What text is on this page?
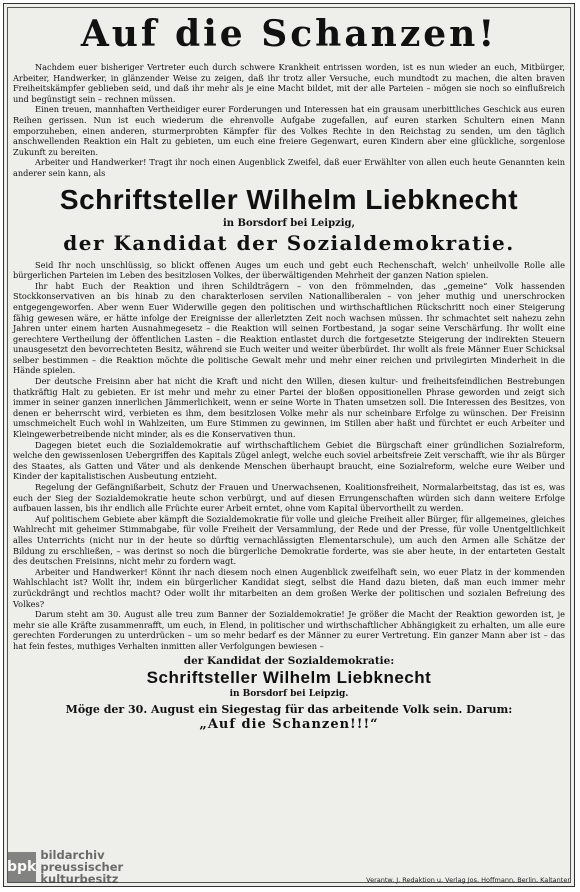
Auf die Schanzen!

Nachdem euer bisheriger Vertreter euch durch schwere Krankheit entrissen worden, ist es nun wieder an euch, Mitbürger, Arbeiter, Handwerker, in glänzender Weise zu zeigen, daß ihr trotz aller Versuche, euch mundtodt zu machen, die alten braven Freiheitskämpfer geblieben seid, und daß ihr mehr als je eine Macht bildet, mit der alle Parteien – mögen sie noch so einflußreich und begünstigt sein – rechnen müssen.

Einen treuen, mannhaften Vertheidiger eurer Forderungen und Interessen hat ein grausam unerbittliches Geschick aus euren Reihen gerissen. Nun ist euch wiederum die ehrenvolle Aufgabe zugefallen, auf euren starken Schultern einen Mann emporzuheben, einen anderen, sturmerprobten Kämpfer für des Volkes Rechte in den Reichstag zu senden, um den täglich anschwellenden Reaktion ein Halt zu gebieten, um euch eine freiere Gegenwart, euren Kindern aber eine glückliche, sorgenlose Zukunft zu bereiten.

Arbeiter und Handwerker! Tragt ihr noch einen Augenblick Zweifel, daß euer Erwählter von allen euch heute Genannten kein anderer sein kann, als

Schriftsteller Wilhelm Liebknecht
in Borsdorf bei Leipzig,
der Kandidat der Sozialdemokratie.

Seid Ihr noch unschlüssig, so blickt offenen Auges um euch und gebt euch Rechenschaft, welch' unheilvolle Rolle alle bürgerlichen Parteien im Leben des besitzlosen Volkes, der überwältigenden Mehrheit der ganzen Nation spielen.

Ihr habt Euch der Reaktion und ihren Schildträgern – von den frömmelnden, das „gemeine“ Volk hassenden Stockkonservativen an bis hinab zu den charakterlosen servilen Nationalliberalen – von jeher muthig und unerschrocken entgegengeworfen. Aber wenn Euer Widerwille gegen den politischen und wirthschaftlichen Rückschritt noch einer Steigerung fähig gewesen wäre, er hätte infolge der Ereignisse der allerletzten Zeit noch wachsen müssen. Ihr schmachtet seit nahezu zehn Jahren unter einem harten Ausnahmegesetz – die Reaktion will seinen Fortbestand, ja sogar seine Verschärfung. Ihr wollt eine gerechtere Vertheilung der öffentlichen Lasten – die Reaktion entlastet durch die fortgesetzte Steigerung der indirekten Steuern unausgesetzt den bevorrechteten Besitz, während sie Euch weiter und weiter überbürdet. Ihr wollt als freie Männer Euer Schicksal selber bestimmen – die Reaktion möchte die politische Gewalt mehr und mehr einer reichen und privilegirten Minderheit in die Hände spielen.

Der deutsche Freisinn aber hat nicht die Kraft und nicht den Willen, diesen kultur- und freiheitsfeindlichen Bestrebungen thatkräftig Halt zu gebieten. Er ist mehr und mehr zu einer Partei der bloßen oppositionellen Phrase geworden und zeigt sich immer in seiner ganzen innerlichen Jämmerlichkeit, wenn er seine Worte in Thaten umsetzen soll. Die Interessen des Besitzes, von denen er beherrscht wird, verbieten es ihm, dem besitzlosen Volke mehr als nur scheinbare Erfolge zu wünschen. Der Freisinn umschmeichelt Euch wohl in Wahlzeiten, um Eure Stimmen zu gewinnen, im Stillen aber haßt und fürchtet er euch Arbeiter und Kleingewerbetreibende nicht minder, als es die Konservativen thun.

Dagegen bietet euch die Sozialdemokratie auf wirthschaftlichem Gebiet die Bürgschaft einer gründlichen Sozialreform, welche den gewissenlosen Uebergriffen des Kapitals Zügel anlegt, welche euch soviel arbeitsfreie Zeit verschafft, wie ihr als Bürger des Staates, als Gatten und Väter und als denkende Menschen überhaupt braucht, eine Sozialreform, welche eure Weiber und Kinder der kapitalistischen Ausbeutung entzieht.

Regelung der Gefängnißarbeit, Schutz der Frauen und Unerwachsenen, Koalitionsfreiheit, Normalarbeitstag, das ist es, was euch der Sieg der Sozialdemokratie heute schon verbürgt, und auf diesen Errungenschaften würden sich dann weitere Erfolge aufbauen lassen, bis ihr endlich alle Früchte eurer Arbeit erntet, ohne vom Kapital übervortheilt zu werden.

Auf politischem Gebiete aber kämpft die Sozialdemokratie für volle und gleiche Freiheit aller Bürger, für allgemeines, gleiches Wahlrecht mit geheimer Stimmabgabe, für volle Freiheit der Versammlung, der Rede und der Presse, für volle Unentgeltlichkeit alles Unterrichts (nicht nur in der heute so dürftig vernachlässigten Elementarschule), um auch den Armen alle Schätze der Bildung zu erschließen, – was derinst so noch die bürgerliche Demokratie forderte, was sie aber heute, in der entarteten Gestalt des deutschen Freisinns, nicht mehr zu fordern wagt.

Arbeiter und Handwerker! Könnt ihr nach diesem noch einen Augenblick zweifelhaft sein, wo euer Platz in der kommenden Wahlschlacht ist? Wollt ihr, indem ein bürgerlicher Kandidat siegt, selbst die Hand dazu bieten, daß man euch immer mehr zurückdrängt und rechtlos macht? Oder wollt ihr mitarbeiten an dem großen Werke der politischen und sozialen Befreiung des Volkes?

Darum steht am 30. August alle treu zum Banner der Sozialdemokratie! Je größer die Macht der Reaktion geworden ist, je mehr sie alle Kräfte zusammenrafft, um euch, in Elend, in politischer und wirthschaftlicher Abhängigkeit zu erhalten, um alle eure gerechten Forderungen zu unterdrücken – um so mehr bedarf es der Männer zu eurer Vertretung. Ein ganzer Mann aber ist – das hat fein festes, muthiges Verhalten inmitten aller Verfolgungen bewiesen –

der Kandidat der Sozialdemokratie:
Schriftsteller Wilhelm Liebknecht
in Borsdorf bei Leipzig.
Möge der 30. August ein Siegestag für das arbeitende Volk sein. Darum:
„Auf die Schanzen!!!“
bpk
bildarchiv preussischer kulturbesitz	Verantw. J. Redaktion u. Verlag Jos. Hoffmann, Berlin, Kaltanter
